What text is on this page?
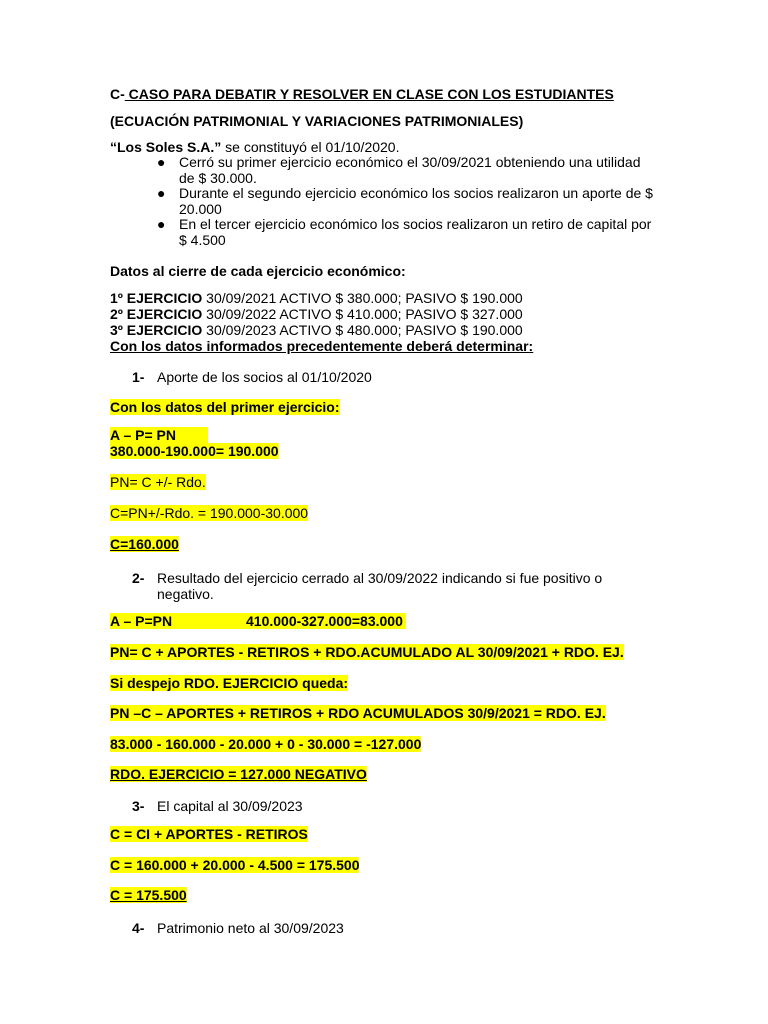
C- CASO PARA DEBATIR Y RESOLVER EN CLASE CON LOS ESTUDIANTES
(ECUACIÓN PATRIMONIAL Y VARIACIONES PATRIMONIALES)
“Los Soles S.A.” se constituyó el 01/10/2020.
● Cerró su primer ejercicio económico el 30/09/2021 obteniendo una utilidad de $ 30.000.
● Durante el segundo ejercicio económico los socios realizaron un aporte de $ 20.000
● En el tercer ejercicio económico los socios realizaron un retiro de capital por $ 4.500
Datos al cierre de cada ejercicio económico:
1º EJERCICIO 30/09/2021 ACTIVO $ 380.000; PASIVO $ 190.000
2º EJERCICIO 30/09/2022 ACTIVO $ 410.000; PASIVO $ 327.000
3º EJERCICIO 30/09/2023 ACTIVO $ 480.000; PASIVO $ 190.000
Con los datos informados precedentemente deberá determinar:
1- Aporte de los socios al 01/10/2020
Con los datos del primer ejercicio:
A – P= PN
380.000-190.000= 190.000
PN= C +/- Rdo.
C=PN+/-Rdo. = 190.000-30.000
C=160.000
2- Resultado del ejercicio cerrado al 30/09/2022 indicando si fue positivo o negativo.
A – P=PN	410.000-327.000=83.000
PN= C + APORTES - RETIROS + RDO.ACUMULADO AL 30/09/2021 + RDO. EJ.
Si despejo RDO. EJERCICIO queda:
PN –C – APORTES + RETIROS + RDO ACUMULADOS 30/9/2021 = RDO. EJ.
83.000 - 160.000 - 20.000 + 0 - 30.000 = -127.000
RDO. EJERCICIO = 127.000 NEGATIVO
3- El capital al 30/09/2023
C = CI + APORTES - RETIROS
C = 160.000 + 20.000 - 4.500 = 175.500
C = 175.500
4- Patrimonio neto al 30/09/2023
